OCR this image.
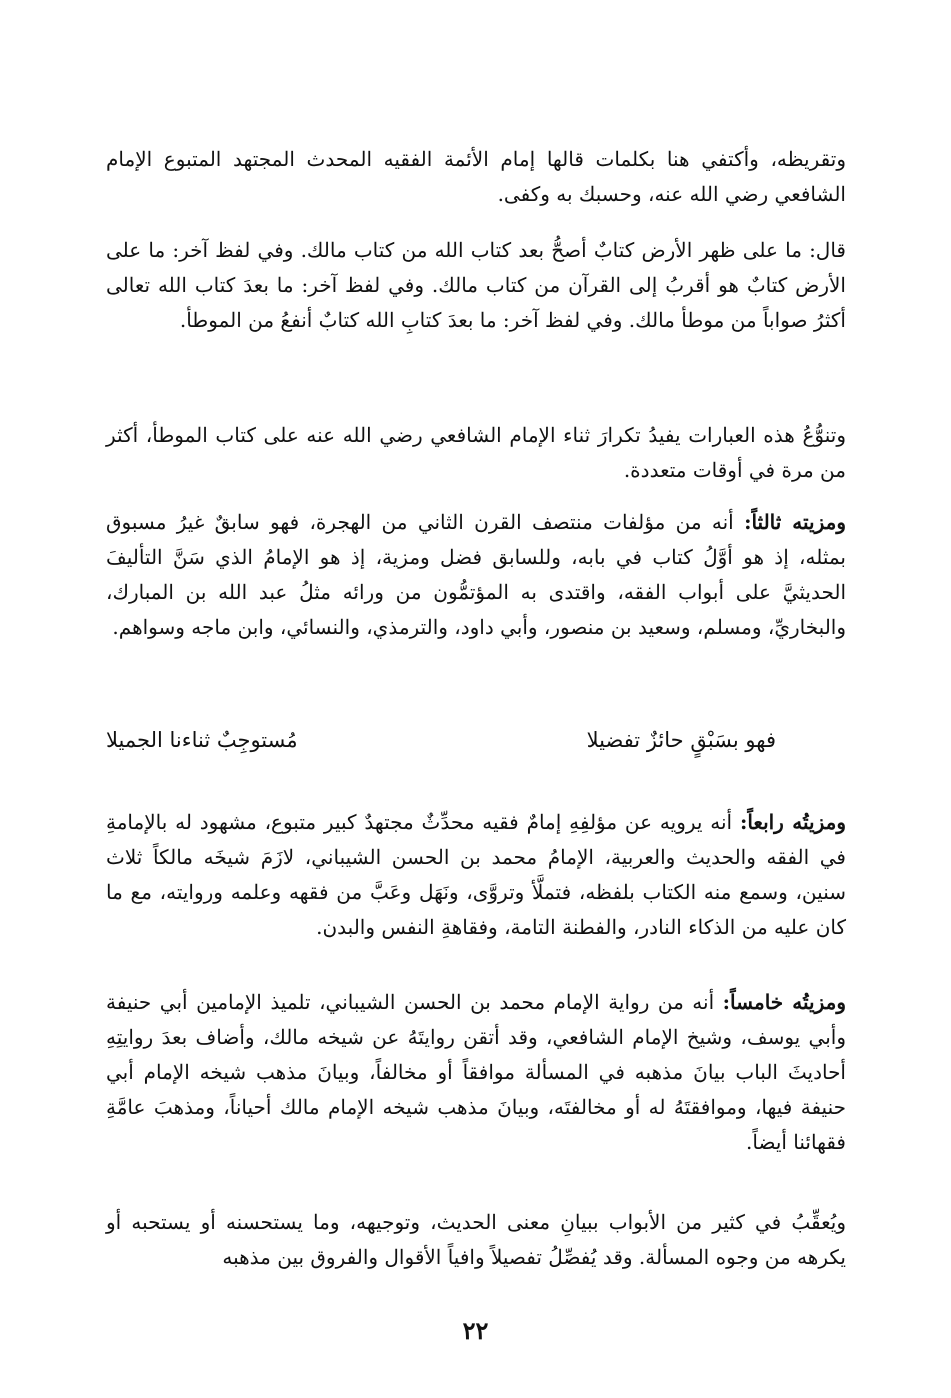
وتقريظه، وأكتفي هنا بكلمات قالها إمام الأئمة الفقيه المحدث المجتهد المتبوع الإمام الشافعي رضي الله عنه، وحسبك به وكفى.

قال: ما على ظهر الأرض كتابٌ أصحُّ بعد كتاب الله من كتاب مالك. وفي لفظ آخر: ما على الأرض كتابٌ هو أقربُ إلى القرآن من كتاب مالك. وفي لفظ آخر: ما بعدَ كتاب الله تعالى أكثرُ صواباً من موطأ مالك. وفي لفظ آخر: ما بعدَ كتابِ الله كتابٌ أنفعُ من الموطأ.

وتنوُّعُ هذه العبارات يفيدُ تكرارَ ثناء الإمام الشافعي رضي الله عنه على كتاب الموطأ، أكثر من مرة في أوقات متعددة.

ومزيته ثالثاً: أنه من مؤلفات منتصف القرن الثاني من الهجرة، فهو سابقٌ غيرُ مسبوق بمثله، إذ هو أوَّلُ كتاب في بابه، وللسابق فضل ومزية، إذ هو الإمامُ الذي سَنَّ التأليفَ الحديثيَّ على أبواب الفقه، واقتدى به المؤتمُّون من ورائه مثلُ عبد الله بن المبارك، والبخاريِّ، ومسلم، وسعيد بن منصور، وأبي داود، والترمذي، والنسائي، وابن ماجه وسواهم.

فهو بسَبْقٍ حائزٌ تفضيلا
مُستوجِبٌ ثناءنا الجميلا

ومزيتُه رابعاً: أنه يرويه عن مؤلفِهِ إمامٌ فقيه محدِّثٌ مجتهدٌ كبير متبوع، مشهود له بالإمامةِ في الفقه والحديث والعربية، الإمامُ محمد بن الحسن الشيباني، لازَمَ شيخَه مالكاً ثلاث سنين، وسمع منه الكتاب بلفظه، فتملَّأ وتروَّى، ونَهَل وعَبَّ من فقهه وعلمه وروايته، مع ما كان عليه من الذكاء النادر، والفطنة التامة، وفقاهةِ النفس والبدن.

ومزيتُه خامساً: أنه من رواية الإمام محمد بن الحسن الشيباني، تلميذ الإمامين أبي حنيفة وأبي يوسف، وشيخ الإمام الشافعي، وقد أتقن روايتَهُ عن شيخه مالك، وأضاف بعدَ روايتِهِ أحاديثَ الباب بيانَ مذهبه في المسألة موافقاً أو مخالفاً، وبيانَ مذهب شيخه الإمام أبي حنيفة فيها، وموافقتَهُ له أو مخالفتَه، وبيانَ مذهب شيخه الإمام مالك أحياناً، ومذهبَ عامَّةِ فقهائنا أيضاً.

ويُعقِّبُ في كثير من الأبواب ببيانِ معنى الحديث، وتوجيهه، وما يستحسنه أو يستحبه أو يكرهه من وجوه المسألة. وقد يُفصِّلُ تفصيلاً وافياً الأقوال والفروق بين مذهبه

٢٢
